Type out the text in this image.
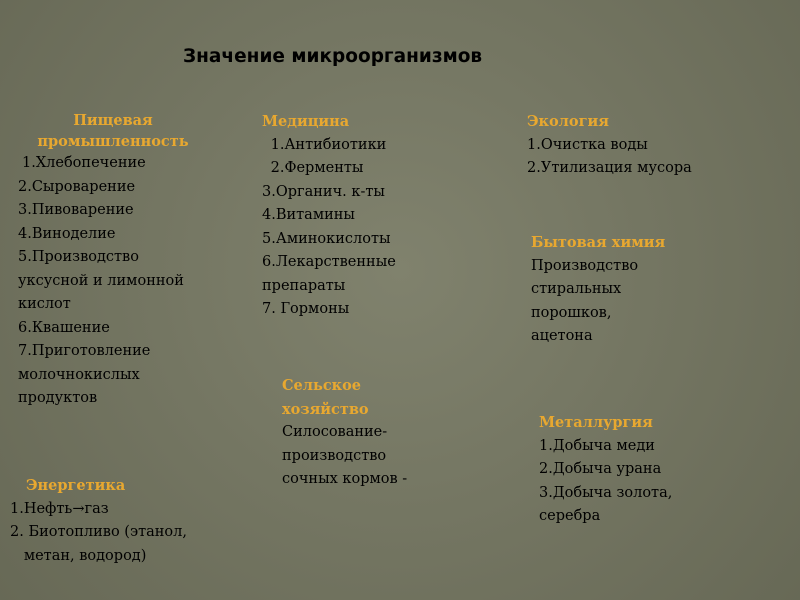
Значение микроорганизмов
Пищевая
промышленность
1.Хлебопечение
2.Сыроварение
3.Пивоварение
4.Виноделие
5.Производство
уксусной и лимонной
кислот
6.Квашение
7.Приготовление
молочнокислых
продуктов
Медицина
1.Антибиотики
2.Ферменты
3.Органич. к-ты
4.Витамины
5.Аминокислоты
6.Лекарственные
препараты
7. Гормоны
Экология
1.Очистка воды
2.Утилизация мусора
Бытовая химия
Производство
стиральных
порошков,
ацетона
Сельское
хозяйство
Силосование-
производство
сочных кормов -
Энергетика
1.Нефть→газ
2. Биотопливо (этанол,
метан, водород)
Металлургия
1.Добыча меди
2.Добыча урана
3.Добыча золота,
серебра
